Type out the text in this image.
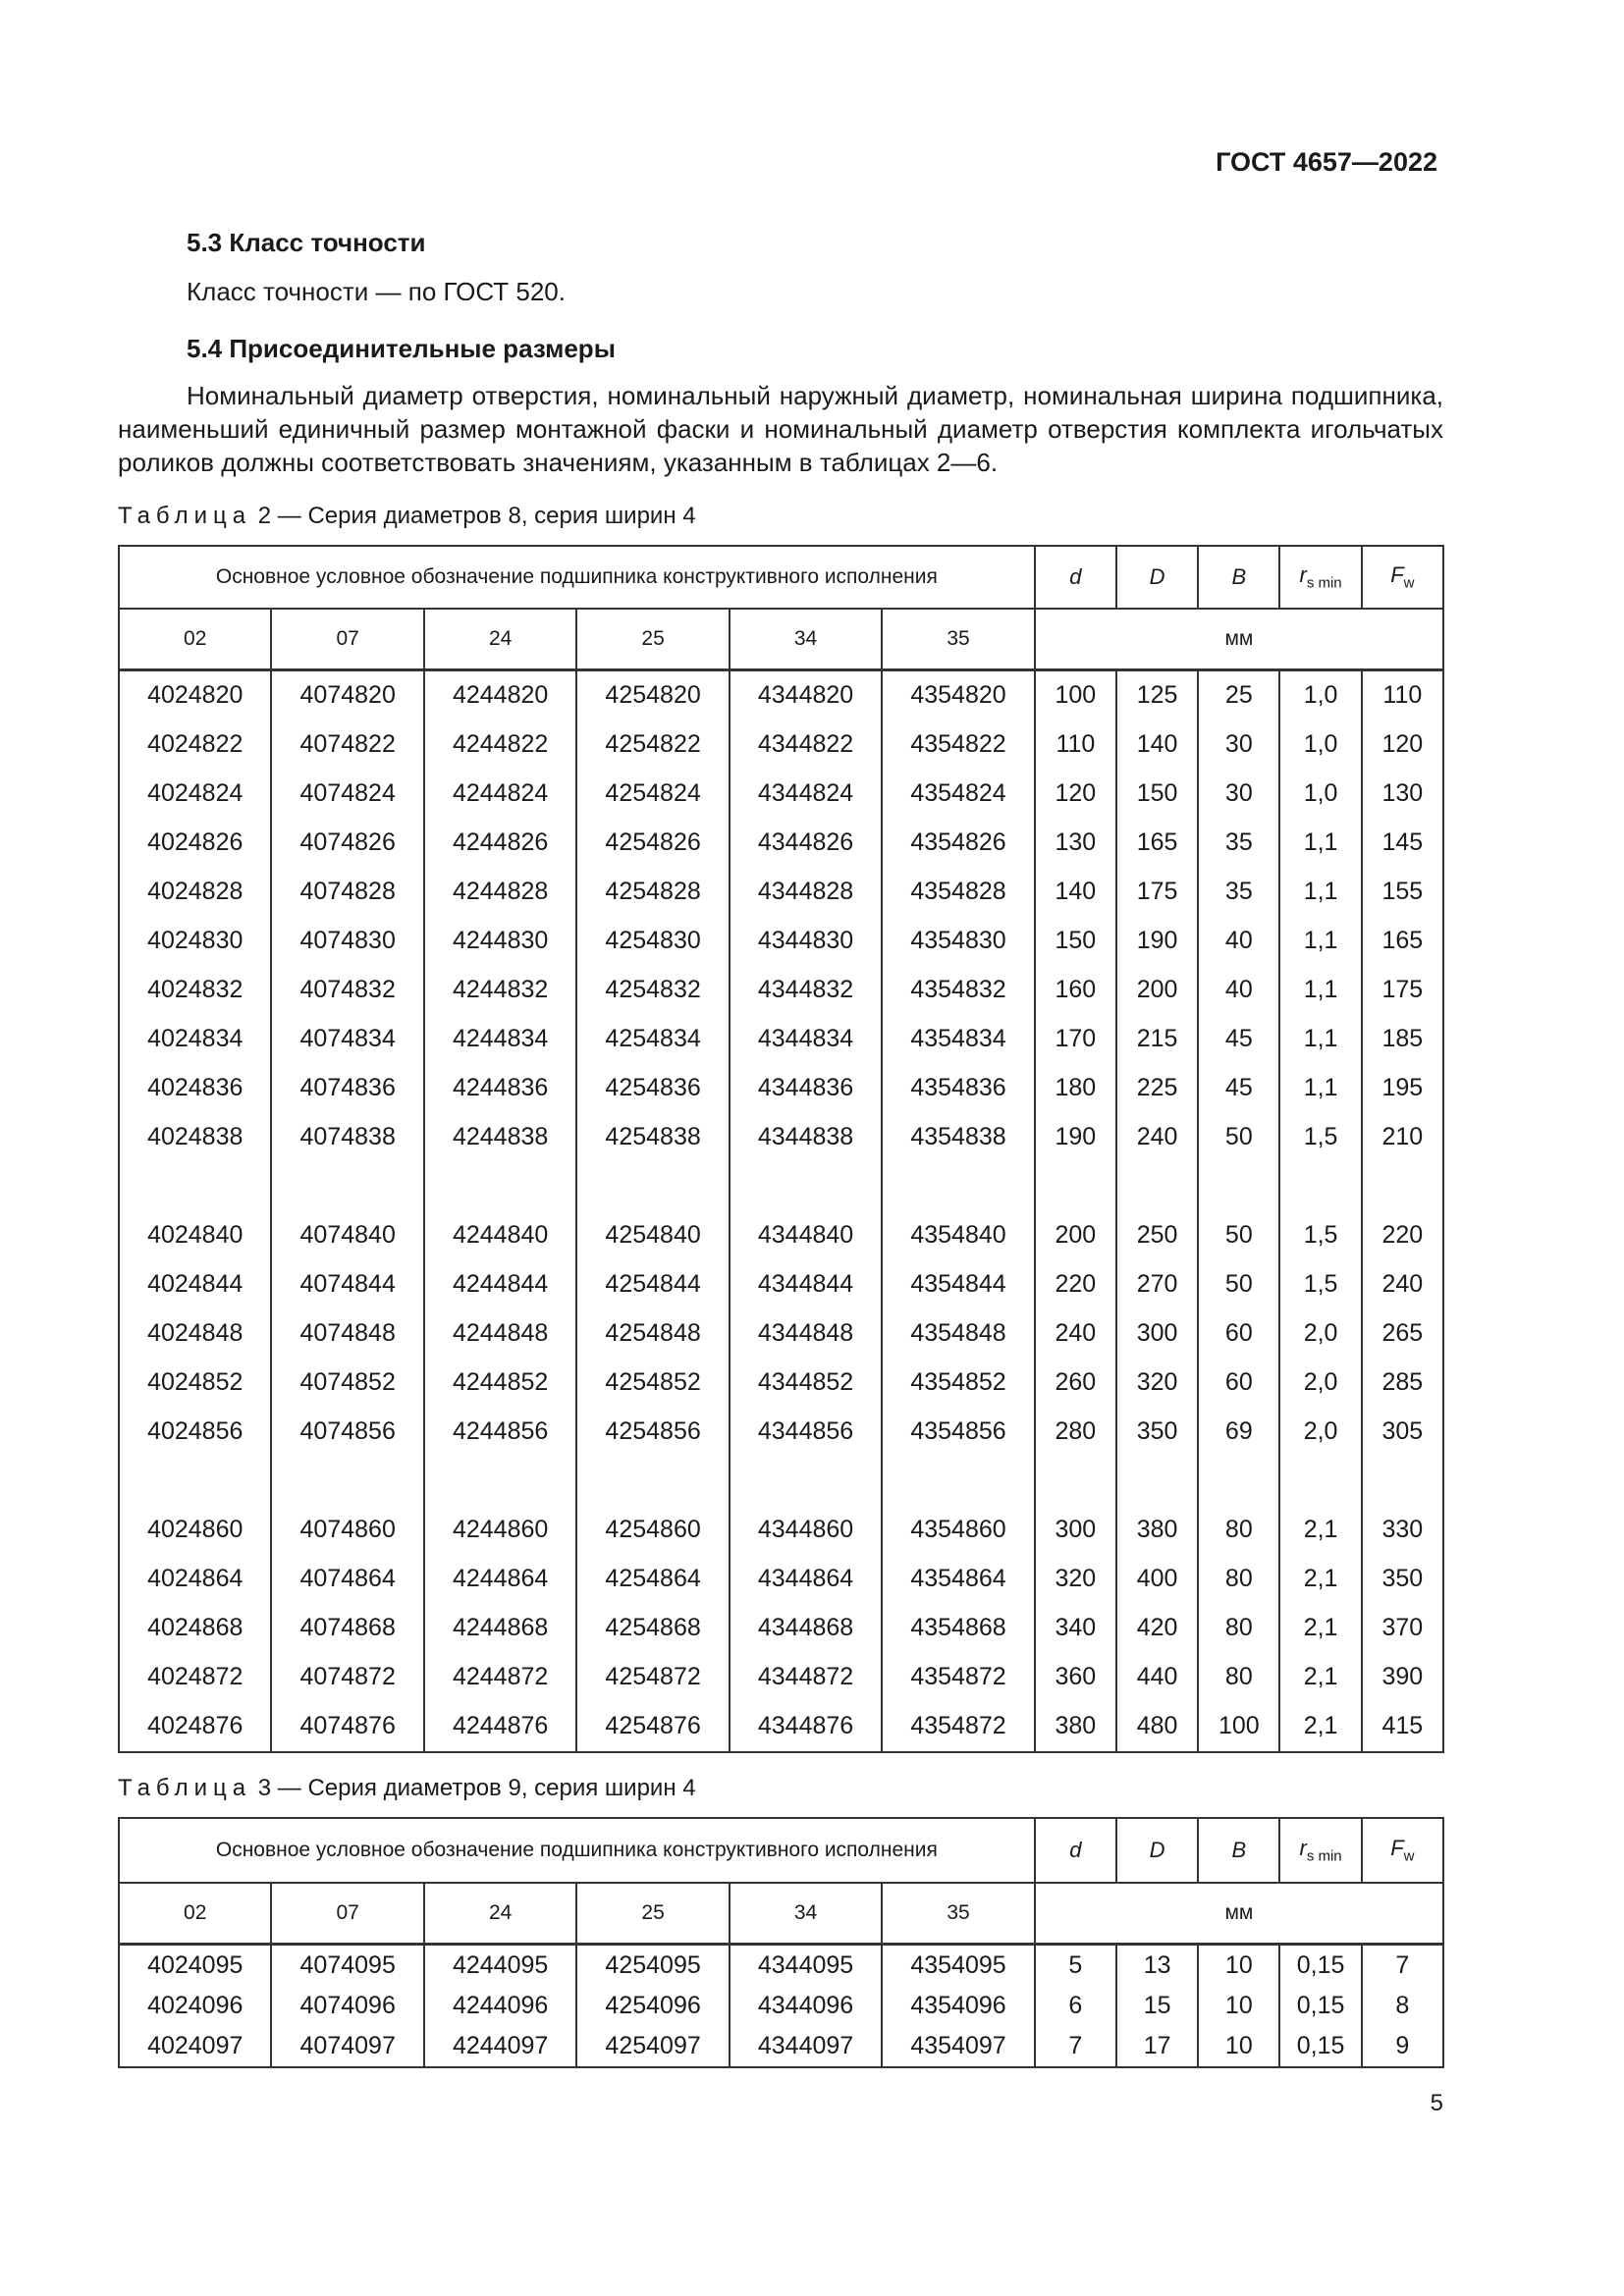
ГОСТ 4657—2022
5.3 Класс точности
Класс точности — по ГОСТ 520.
5.4 Присоединительные размеры
Номинальный диаметр отверстия, номинальный наружный диаметр, номинальная ширина подшипника, наименьший единичный размер монтажной фаски и номинальный диаметр отверстия комплекта игольчатых роликов должны соответствовать значениям, указанным в таблицах 2—6.
Таблица 2 — Серия диаметров 8, серия ширин 4
Основное условное обозначение подшипника конструктивного исполнения						d	D	B	$r_{s min}$	$F_w$
02	07	24	25	34	35	мм				
4024820	4074820	4244820	4254820	4344820	4354820	100	125	25	1,0	110
4024822	4074822	4244822	4254822	4344822	4354822	110	140	30	1,0	120
4024824	4074824	4244824	4254824	4344824	4354824	120	150	30	1,0	130
4024826	4074826	4244826	4254826	4344826	4354826	130	165	35	1,1	145
4024828	4074828	4244828	4254828	4344828	4354828	140	175	35	1,1	155
4024830	4074830	4244830	4254830	4344830	4354830	150	190	40	1,1	165
4024832	4074832	4244832	4254832	4344832	4354832	160	200	40	1,1	175
4024834	4074834	4244834	4254834	4344834	4354834	170	215	45	1,1	185
4024836	4074836	4244836	4254836	4344836	4354836	180	225	45	1,1	195
4024838	4074838	4244838	4254838	4344838	4354838	190	240	50	1,5	210

4024840	4074840	4244840	4254840	4344840	4354840	200	250	50	1,5	220
4024844	4074844	4244844	4254844	4344844	4354844	220	270	50	1,5	240
4024848	4074848	4244848	4254848	4344848	4354848	240	300	60	2,0	265
4024852	4074852	4244852	4254852	4344852	4354852	260	320	60	2,0	285
4024856	4074856	4244856	4254856	4344856	4354856	280	350	69	2,0	305

4024860	4074860	4244860	4254860	4344860	4354860	300	380	80	2,1	330
4024864	4074864	4244864	4254864	4344864	4354864	320	400	80	2,1	350
4024868	4074868	4244868	4254868	4344868	4354868	340	420	80	2,1	370
4024872	4074872	4244872	4254872	4344872	4354872	360	440	80	2,1	390
4024876	4074876	4244876	4254876	4344876	4354872	380	480	100	2,1	415
Таблица 3 — Серия диаметров 9, серия ширин 4
Основное условное обозначение подшипника конструктивного исполнения						d	D	B	$r_{s min}$	$F_w$
02	07	24	25	34	35	мм				
4024095	4074095	4244095	4254095	4344095	4354095	5	13	10	0,15	7
4024096	4074096	4244096	4254096	4344096	4354096	6	15	10	0,15	8
4024097	4074097	4244097	4254097	4344097	4354097	7	17	10	0,15	9
5
